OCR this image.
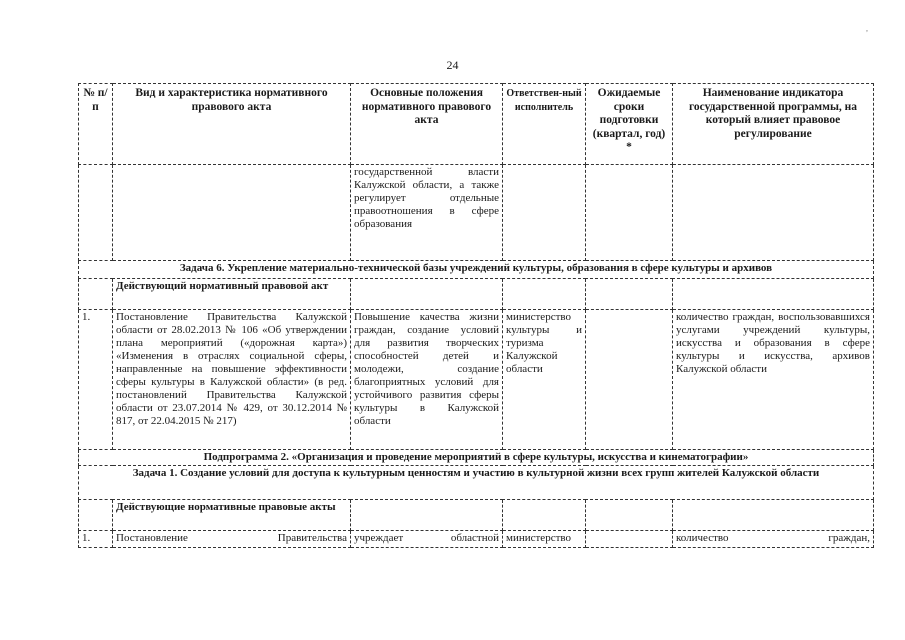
,
24
№ п/п	Вид и характеристика нормативного правового акта	Основные положения нормативного правового акта	Ответствен-ный исполнитель	Ожидаемые сроки подготовки (квартал, год) *	Наименование индикатора государственной программы, на который влияет правовое регулирование
		государственной власти Калужской области, а также регулирует отдельные правоотношения в сфере образования			
Задача 6. Укрепление материально-технической базы учреждений культуры, образования в сфере культуры и архивов					
	Действующий нормативный правовой акт				
1.	Постановление Правительства Калужской области от 28.02.2013 № 106 «Об утверждении плана мероприятий («дорожная карта») «Изменения в отраслях социальной сферы, направленные на повышение эффективности сферы культуры в Калужской области» (в ред. постановлений Правительства Калужской области от 23.07.2014 № 429, от 30.12.2014 № 817, от 22.04.2015 № 217)	Повышение качества жизни граждан, создание условий для развития творческих способностей детей и молодежи, создание благоприятных условий для устойчивого развития сферы культуры в Калужской области	министерство культуры и туризма Калужской области		количество граждан, воспользовавшихся услугами учреждений культуры, искусства и образования в сфере культуры и искусства, архивов Калужской области
Подпрограмма 2. «Организация и проведение мероприятий в сфере культуры, искусства и кинематографии»					
Задача 1. Создание условий для доступа к культурным ценностям и участию в культурной жизни всех групп жителей Калужской области					
	Действующие нормативные правовые акты				
1.	Постановление Правительства	учреждает областной	министерство		количество граждан,
